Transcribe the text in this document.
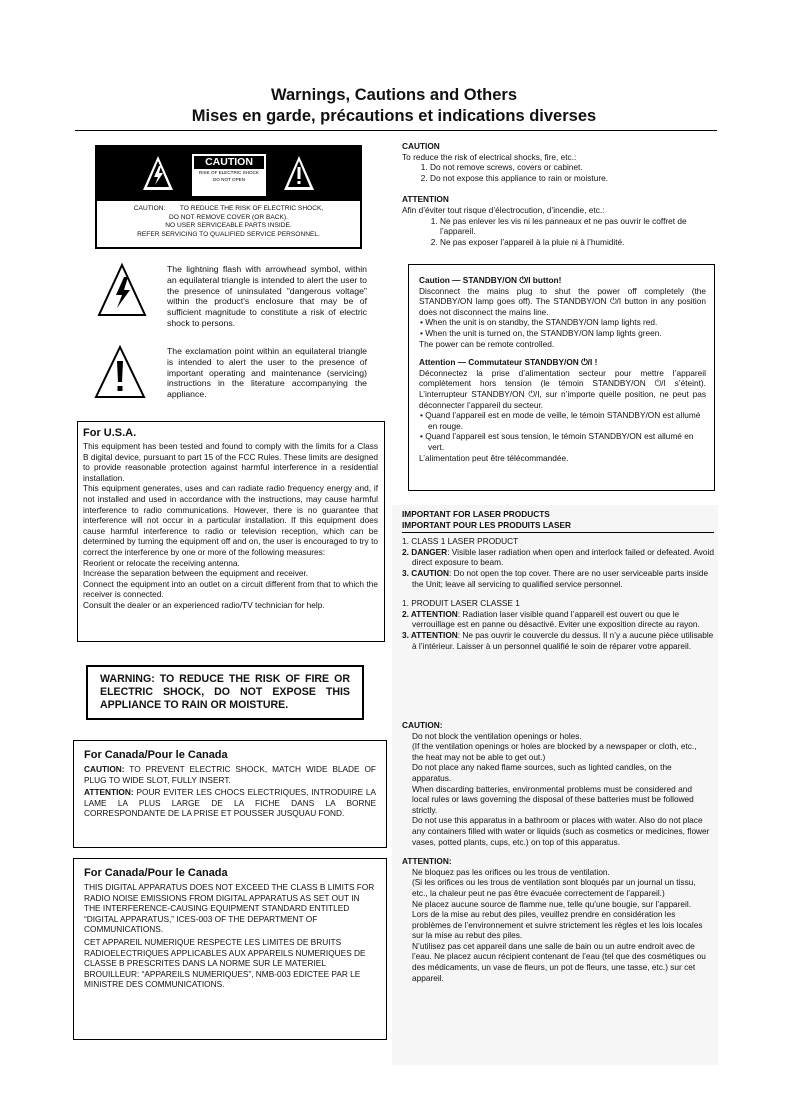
Warnings, Cautions and Others
Mises en garde, précautions et indications diverses
CAUTION
RISK OF ELECTRIC SHOCK
DO NOT OPEN
CAUTION:        TO REDUCE THE RISK OF ELECTRIC SHOCK,
DO NOT REMOVE COVER (OR BACK).
NO USER SERVICEABLE PARTS INSIDE.
REFER SERVICING TO QUALIFIED SERVICE PERSONNEL.
The lightning flash with arrowhead symbol, within an equilateral triangle is intended to alert the user to the presence of uninsulated "dangerous voltage" within the product's enclosure that may be of sufficient magnitude to constitute a risk of electric shock to persons.
The exclamation point within an equilateral triangle is intended to alert the user to the presence of important operating and maintenance (servicing) instructions in the literature accompanying the appliance.
For U.S.A.
This equipment has been tested and found to comply with the limits for a Class B digital device, pursuant to part 15 of the FCC Rules. These limits are designed to provide reasonable protection against harmful interference in a residential installation.
This equipment generates, uses and can radiate radio frequency energy and, if not installed and used in accordance with the instructions, may cause harmful interference to radio communications. However, there is no guarantee that interference will not occur in a particular installation. If this equipment does cause harmful interference to radio or television reception, which can be determined by turning the equipment off and on, the user is encouraged to try to correct the interference by one or more of the following measures:
Reorient or relocate the receiving antenna.
Increase the separation between the equipment and receiver.
Connect the equipment into an outlet on a circuit different from that to which the receiver is connected.
Consult the dealer or an experienced radio/TV technician for help.
WARNING: TO REDUCE THE RISK OF FIRE OR ELECTRIC SHOCK, DO NOT EXPOSE THIS APPLIANCE TO RAIN OR MOISTURE.
For Canada/Pour le Canada
CAUTION: TO PREVENT ELECTRIC SHOCK, MATCH WIDE BLADE OF PLUG TO WIDE SLOT, FULLY INSERT.
ATTENTION: POUR EVITER LES CHOCS ELECTRIQUES, INTRODUIRE LA LAME LA PLUS LARGE DE LA FICHE DANS LA BORNE CORRESPONDANTE DE LA PRISE ET POUSSER JUSQUAU FOND.
For Canada/Pour le Canada
THIS DIGITAL APPARATUS DOES NOT EXCEED THE CLASS B LIMITS FOR RADIO NOISE EMISSIONS FROM DIGITAL APPARATUS AS SET OUT IN THE INTERFERENCE-CAUSING EQUIPMENT STANDARD ENTITLED “DIGITAL APPARATUS,” ICES-003 OF THE DEPARTMENT OF COMMUNICATIONS.
CET APPAREIL NUMERIQUE RESPECTE LES LIMITES DE BRUITS RADIOELECTRIQUES APPLICABLES AUX APPAREILS NUMERIQUES DE CLASSE B PRESCRITES DANS LA NORME SUR LE MATERIEL BROUILLEUR: “APPAREILS NUMERIQUES”, NMB-003 EDICTEE PAR LE MINISTRE DES COMMUNICATIONS.
CAUTION
To reduce the risk of electrical shocks, fire, etc.:
1. Do not remove screws, covers or cabinet.
2. Do not expose this appliance to rain or moisture.
ATTENTION
Afin d’éviter tout risque d’électrocution, d’incendie, etc.:
1. Ne pas enlever les vis ni les panneaux et ne pas ouvrir le coffret de l’appareil.
2. Ne pas exposer l’appareil à la pluie ni à l’humidité.
Caution — STANDBY/ON ⏻/I button!
Disconnect the mains plug to shut the power off completely (the STANDBY/ON lamp goes off). The STANDBY/ON ⏻/I button in any position does not disconnect the mains line.
• When the unit is on standby, the STANDBY/ON lamp lights red.
• When the unit is turned on, the STANDBY/ON lamp lights green.
The power can be remote controlled.
Attention — Commutateur STANDBY/ON ⏻/I !
Déconnectez la prise d’alimentation secteur pour mettre l’appareil complètement hors tension (le témoin STANDBY/ON ⏻/I s’éteint). L’interrupteur STANDBY/ON ⏻/I, sur n’importe quelle position, ne peut pas déconnecter l’appareil du secteur.
• Quand l’appareil est en mode de veille, le témoin STANDBY/ON est allumé en rouge.
• Quand l’appareil est sous tension, le témoin STANDBY/ON est allumé en vert.
L’alimentation peut être télécommandée.
IMPORTANT FOR LASER PRODUCTS
IMPORTANT POUR LES PRODUITS LASER
1. CLASS 1 LASER PRODUCT
2. DANGER: Visible laser radiation when open and interlock failed or defeated. Avoid direct exposure to beam.
3. CAUTION: Do not open the top cover. There are no user serviceable parts inside the Unit; leave all servicing to qualified service personnel.
1. PRODUIT LASER CLASSE 1
2. ATTENTION: Radiation laser visible quand l’appareil est ouvert ou que le verrouillage est en panne ou désactivé. Eviter une exposition directe au rayon.
3. ATTENTION: Ne pas ouvrir le couvercle du dessus. Il n’y a aucune pièce utilisable à l’intérieur. Laisser à un personnel qualifié le soin de réparer votre appareil.
CAUTION:
Do not block the ventilation openings or holes.
(If the ventilation openings or holes are blocked by a newspaper or cloth, etc., the heat may not be able to get out.)
Do not place any naked flame sources, such as lighted candles, on the apparatus.
When discarding batteries, environmental problems must be considered and local rules or laws governing the disposal of these batteries must be followed strictly.
Do not use this apparatus in a bathroom or places with water. Also do not place any containers filled with water or liquids (such as cosmetics or medicines, flower vases, potted plants, cups, etc.) on top of this apparatus.
ATTENTION:
Ne bloquez pas les orifices ou les trous de ventilation.
(Si les orifices ou les trous de ventilation sont bloqués par un journal un tissu, etc., la chaleur peut ne pas être évacuée correctement de l’appareil.)
Ne placez aucune source de flamme nue, telle qu’une bougie, sur l’appareil.
Lors de la mise au rebut des piles, veuillez prendre en considération les problèmes de l’environnement et suivre strictement les règles et les lois locales sur la mise au rebut des piles.
N’utilisez pas cet appareil dans une salle de bain ou un autre endroit avec de l’eau. Ne placez aucun récipient contenant de l’eau (tel que des cosmétiques ou des médicaments, un vase de fleurs, un pot de fleurs, une tasse, etc.) sur cet appareil.
